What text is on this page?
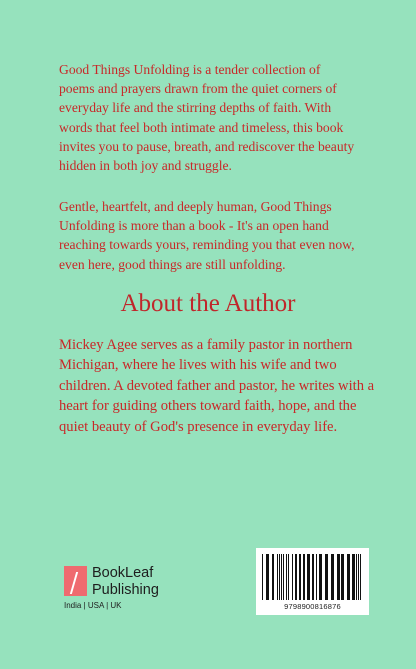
Good Things Unfolding is a tender collection of poems and prayers drawn from the quiet corners of everyday life and the stirring depths of faith. With words that feel both intimate and timeless, this book invites you to pause, breath, and rediscover the beauty hidden in both joy and struggle.

Gentle, heartfelt, and deeply human, Good Things Unfolding is more than a book - It's an open hand reaching towards yours, reminding you that even now, even here, good things are still unfolding.

About the Author

Mickey Agee serves as a family pastor in northern Michigan, where he lives with his wife and two children. A devoted father and pastor, he writes with a heart for guiding others toward faith, hope, and the quiet beauty of God's presence in everyday life.

BookLeaf

Publishing

India | USA | UK	9798900816876
